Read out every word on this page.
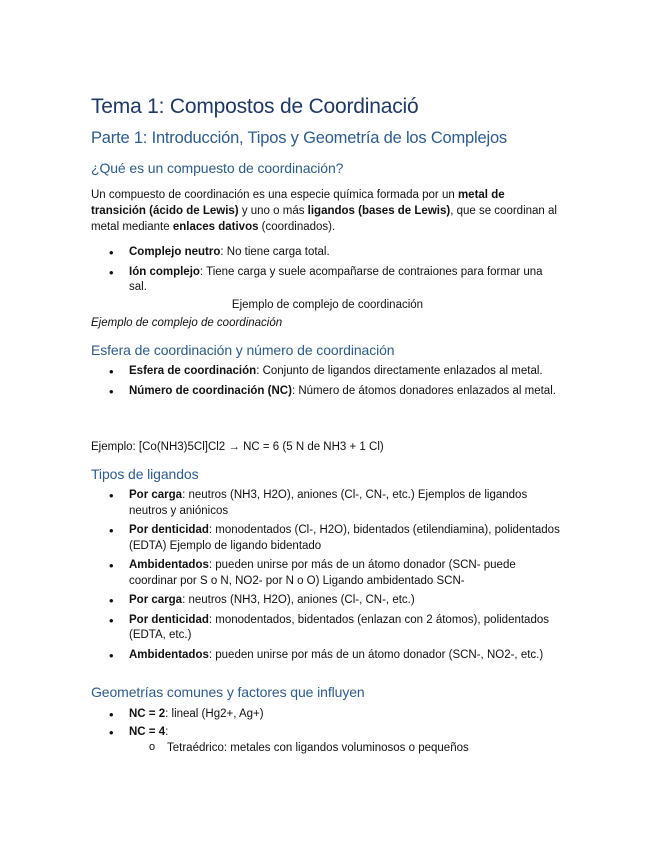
Tema 1: Compostos de Coordinació
Parte 1: Introducción, Tipos y Geometría de los Complejos
¿Qué es un compuesto de coordinación?

Un compuesto de coordinación es una especie química formada por un metal de transición (ácido de Lewis) y uno o más ligandos (bases de Lewis), que se coordinan al metal mediante enlaces dativos (coordinados).

• Complejo neutro: No tiene carga total.
• Ión complejo: Tiene carga y suele acompañarse de contraiones para formar una sal.
Ejemplo de complejo de coordinación
Ejemplo de complejo de coordinación
Esfera de coordinación y número de coordinación
• Esfera de coordinación: Conjunto de ligandos directamente enlazados al metal.
• Número de coordinación (NC): Número de átomos donadores enlazados al metal.

Ejemplo: [Co(NH3)5Cl]Cl2 → NC = 6 (5 N de NH3 + 1 Cl)

Tipos de ligandos
• Por carga: neutros (NH3, H2O), aniones (Cl-, CN-, etc.) Ejemplos de ligandos neutros y aniónicos
• Por denticidad: monodentados (Cl-, H2O), bidentados (etilendiamina), polidentados (EDTA) Ejemplo de ligando bidentado
• Ambidentados: pueden unirse por más de un átomo donador (SCN- puede coordinar por S o N, NO2- por N o O) Ligando ambidentado SCN-
• Por carga: neutros (NH3, H2O), aniones (Cl-, CN-, etc.)
• Por denticidad: monodentados, bidentados (enlazan con 2 átomos), polidentados (EDTA, etc.)
• Ambidentados: pueden unirse por más de un átomo donador (SCN-, NO2-, etc.)
Geometrías comunes y factores que influyen
• NC = 2: lineal (Hg2+, Ag+)
• NC = 4:
o Tetraédrico: metales con ligandos voluminosos o pequeños
